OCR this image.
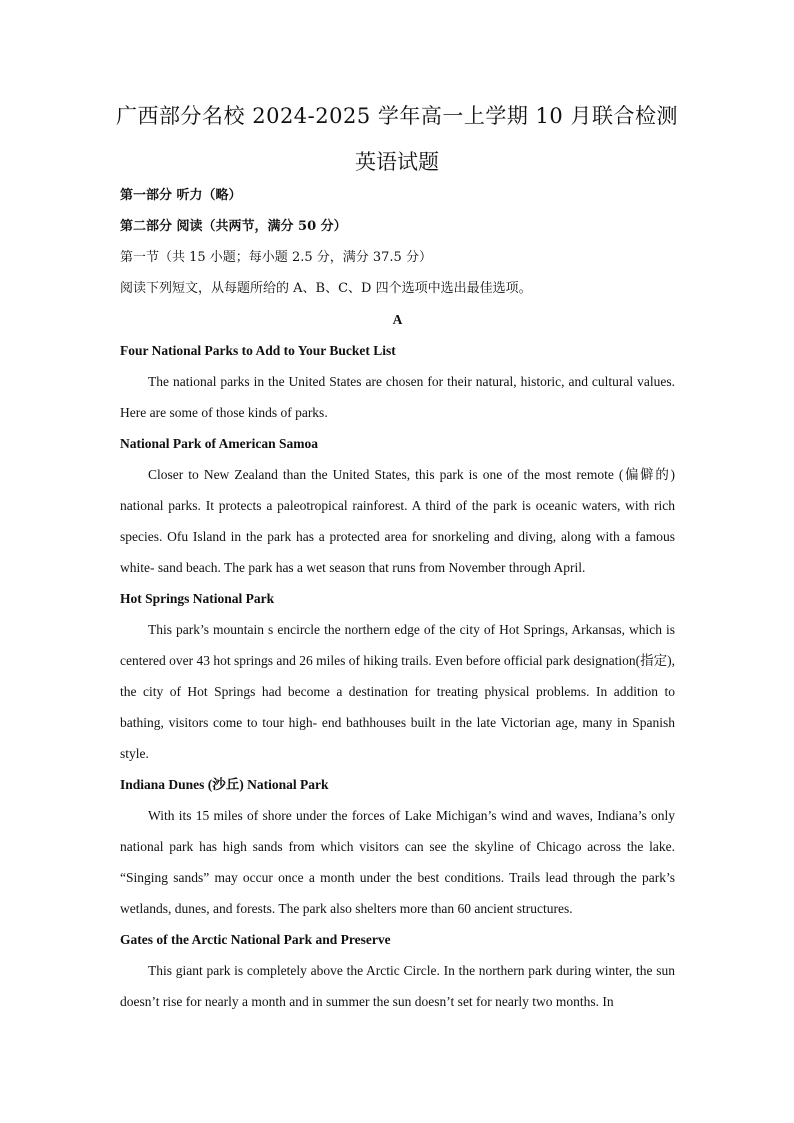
广西部分名校 2024-2025 学年高一上学期 10 月联合检测
英语试题
第一部分 听力（略）
第二部分 阅读（共两节，满分 50 分）
第一节（共 15 小题；每小题 2.5 分，满分 37.5 分）
阅读下列短文，从每题所给的 A、B、C、D 四个选项中选出最佳选项。
A
Four National Parks to Add to Your Bucket List
The national parks in the United States are chosen for their natural, historic, and cultural values. Here are some of those kinds of parks.
National Park of American Samoa
Closer to New Zealand than the United States, this park is one of the most remote (偏僻的) national parks. It protects a paleotropical rainforest. A third of the park is oceanic waters, with rich species. Ofu Island in the park has a protected area for snorkeling and diving, along with a famous white- sand beach. The park has a wet season that runs from November through April.
Hot Springs National Park
This park’s mountain s encircle the northern edge of the city of Hot Springs, Arkansas, which is centered over 43 hot springs and 26 miles of hiking trails. Even before official park designation(指定), the city of Hot Springs had become a destination for treating physical problems. In addition to bathing, visitors come to tour high- end bathhouses built in the late Victorian age, many in Spanish style.
Indiana Dunes (沙丘) National Park
With its 15 miles of shore under the forces of Lake Michigan’s wind and waves, Indiana’s only national park has high sands from which visitors can see the skyline of Chicago across the lake. “Singing sands” may occur once a month under the best conditions. Trails lead through the park’s wetlands, dunes, and forests. The park also shelters more than 60 ancient structures.
Gates of the Arctic National Park and Preserve
This giant park is completely above the Arctic Circle. In the northern park during winter, the sun doesn’t rise for nearly a month and in summer the sun doesn’t set for nearly two months. In
